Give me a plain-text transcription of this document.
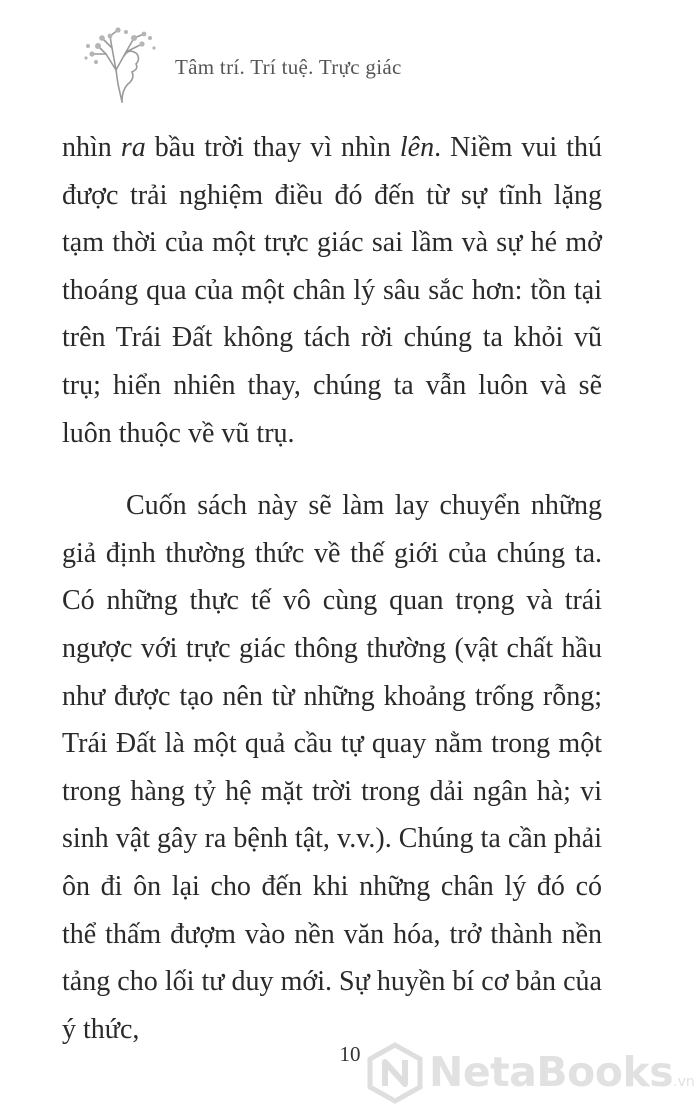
Tâm trí. Trí tuệ. Trực giác

nhìn ra bầu trời thay vì nhìn lên. Niềm vui thú được trải nghiệm điều đó đến từ sự tĩnh lặng tạm thời của một trực giác sai lầm và sự hé mở thoáng qua của một chân lý sâu sắc hơn: tồn tại trên Trái Đất không tách rời chúng ta khỏi vũ trụ; hiển nhiên thay, chúng ta vẫn luôn và sẽ luôn thuộc về vũ trụ.

Cuốn sách này sẽ làm lay chuyển những giả định thường thức về thế giới của chúng ta. Có những thực tế vô cùng quan trọng và trái ngược với trực giác thông thường (vật chất hầu như được tạo nên từ những khoảng trống rỗng; Trái Đất là một quả cầu tự quay nằm trong một trong hàng tỷ hệ mặt trời trong dải ngân hà; vi sinh vật gây ra bệnh tật, v.v.). Chúng ta cần phải ôn đi ôn lại cho đến khi những chân lý đó có thể thấm đượm vào nền văn hóa, trở thành nền tảng cho lối tư duy mới. Sự huyền bí cơ bản của ý thức,

10	NetaBooks.vn
